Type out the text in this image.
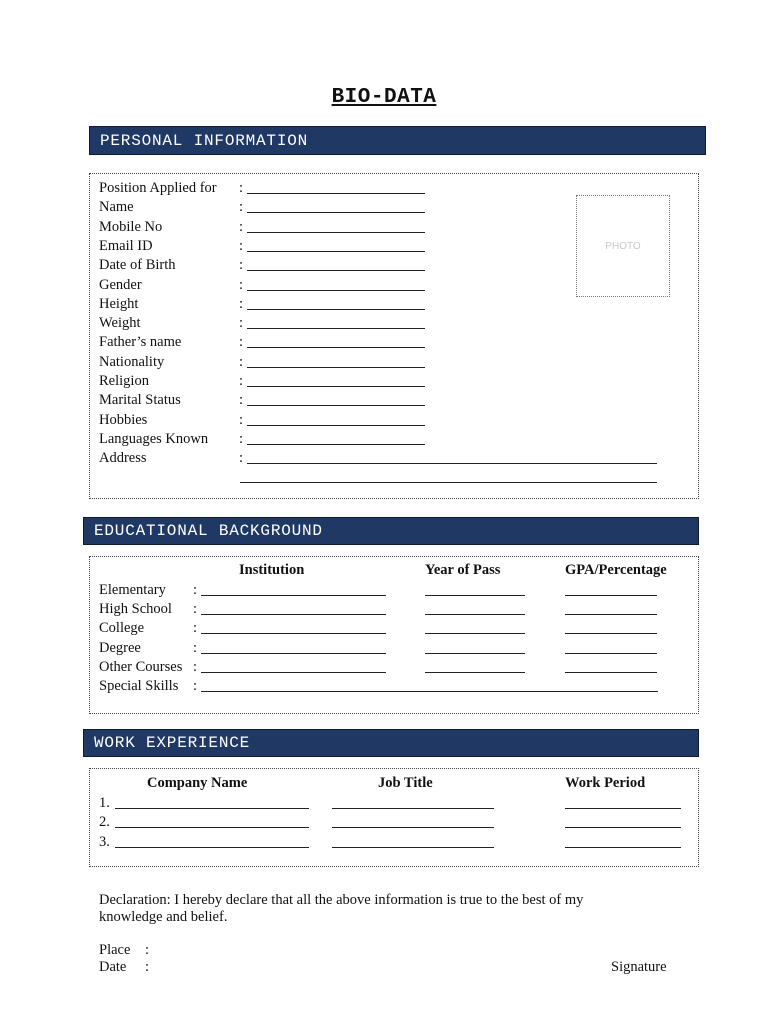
BIO-DATA
PERSONAL INFORMATION
Position Applied for :
Name	:
Mobile No	:
Email ID	:
Date of Birth	:
Gender	:
Height	:
Weight	:
Father’s name	:
Nationality	:
Religion	:
Marital Status	:
Hobbies	:
Languages Known :
Address	:
PHOTO
EDUCATIONAL BACKGROUND
Institution	Year of Pass	GPA/Percentage
Elementary :
High School :
College	:
Degree	:
Other Courses :
Special Skills :
WORK EXPERIENCE
Company Name	Job Title	Work Period
1.
2.
3.
Declaration: I hereby declare that all the above information is true to the best of my
knowledge and belief.
Place :
Date :	Signature
